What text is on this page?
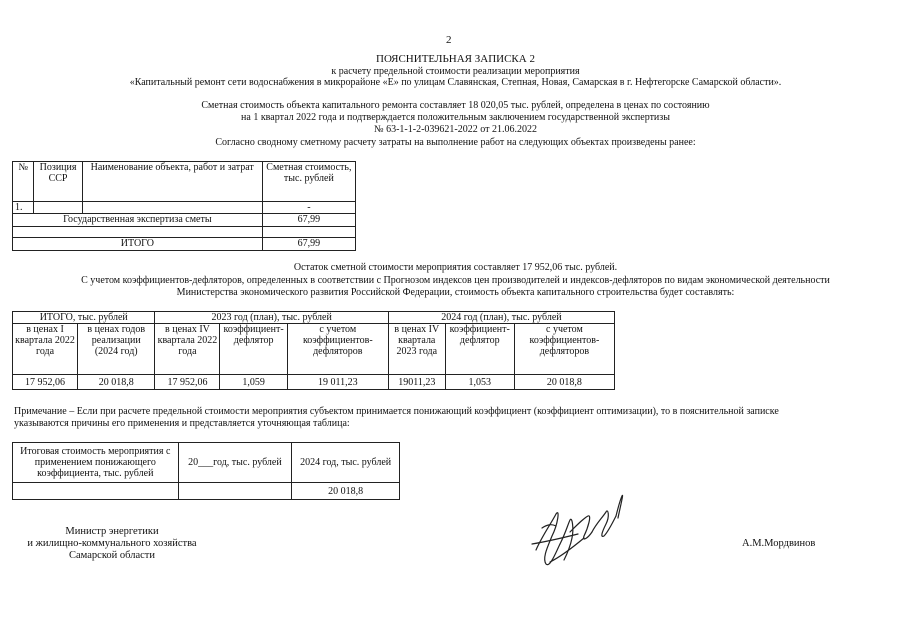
2
ПОЯСНИТЕЛЬНАЯ ЗАПИСКА 2
к расчету предельной стоимости реализации мероприятия
«Капитальный ремонт сети водоснабжения в микрорайоне «Е» по улицам Славянская, Степная, Новая, Самарская в г. Нефтегорске Самарской области».
Сметная стоимость объекта капитального ремонта составляет 18 020,05 тыс. рублей, определена в ценах по состоянию
на 1 квартал 2022 года и подтверждается положительным заключением государственной экспертизы
№ 63-1-1-2-039621-2022 от 21.06.2022
Согласно сводному сметному расчету затраты на выполнение работ на следующих объектах произведены ранее:
№	Позиция ССР	Наименование объекта, работ и затрат	Сметная стоимость, тыс. рублей
1.			-
Государственная экспертиза сметы			67,99

ИТОГО			67,99
Остаток сметной стоимости мероприятия составляет 17 952,06 тыс. рублей.
С учетом коэффициентов-дефляторов, определенных в соответствии с Прогнозом индексов цен производителей и индексов-дефляторов по видам экономической деятельности
Министерства экономического развития Российской Федерации, стоимость объекта капитального строительства будет составлять:
ИТОГО, тыс. рублей		2023 год (план), тыс. рублей			2024 год (план), тыс. рублей		
в ценах I квартала 2022 года	в ценах годов реализации (2024 год)	в ценах IV квартала 2022 года	коэффициент-дефлятор	с учетом коэффициентов-дефляторов	в ценах IV квартала 2023 года	коэффициент-дефлятор	с учетом коэффициентов-дефляторов
17 952,06	20 018,8	17 952,06	1,059	19 011,23	19011,23	1,053	20 018,8
Примечание – Если при расчете предельной стоимости мероприятия субъектом принимается понижающий коэффициент (коэффициент оптимизации), то в пояснительной записке
указываются причины его применения и представляется уточняющая таблица:
Итоговая стоимость мероприятия с применением понижающего коэффициента, тыс. рублей	20___год, тыс. рублей	2024 год, тыс. рублей
		20 018,8
Министр энергетики
и жилищно-коммунального хозяйства
Самарской области
А.М.Мордвинов
